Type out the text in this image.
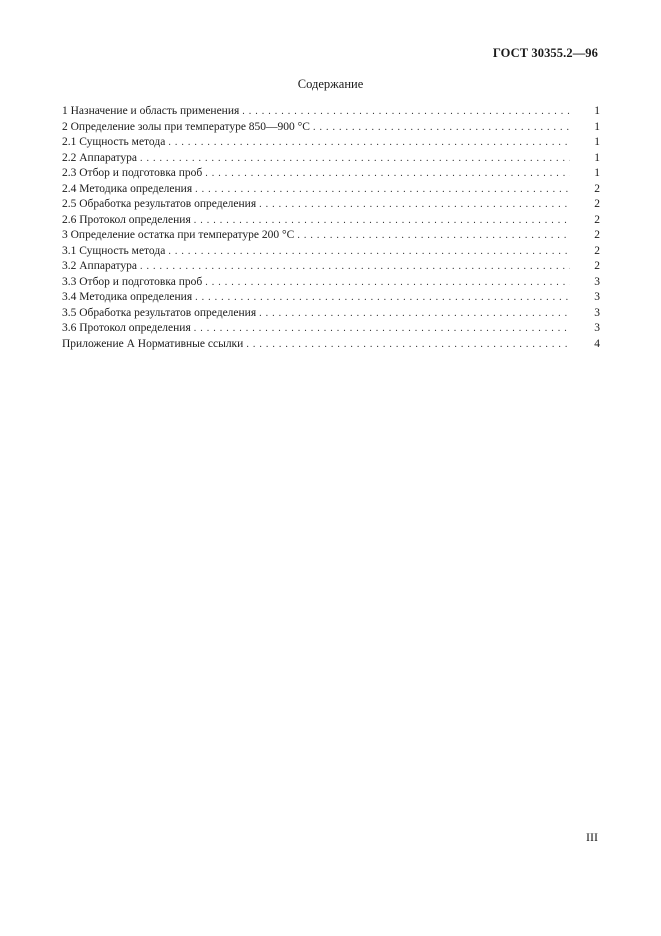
ГОСТ 30355.2—96
Содержание
1 Назначение и область применения . . .	1
2 Определение золы при температуре 850—900 °С . . .	1
2.1 Сущность метода . . .	1
2.2 Аппаратура . . .	1
2.3 Отбор и подготовка проб . . .	1
2.4 Методика определения . . .	2
2.5 Обработка результатов определения . . .	2
2.6 Протокол определения . . .	2
3 Определение остатка при температуре 200 °С . . .	2
3.1 Сущность метода . . .	2
3.2 Аппаратура . . .	2
3.3 Отбор и подготовка проб . . .	3
3.4 Методика определения . . .	3
3.5 Обработка результатов определения . . .	3
3.6 Протокол определения . . .	3
Приложение А Нормативные ссылки . . .	4
III
